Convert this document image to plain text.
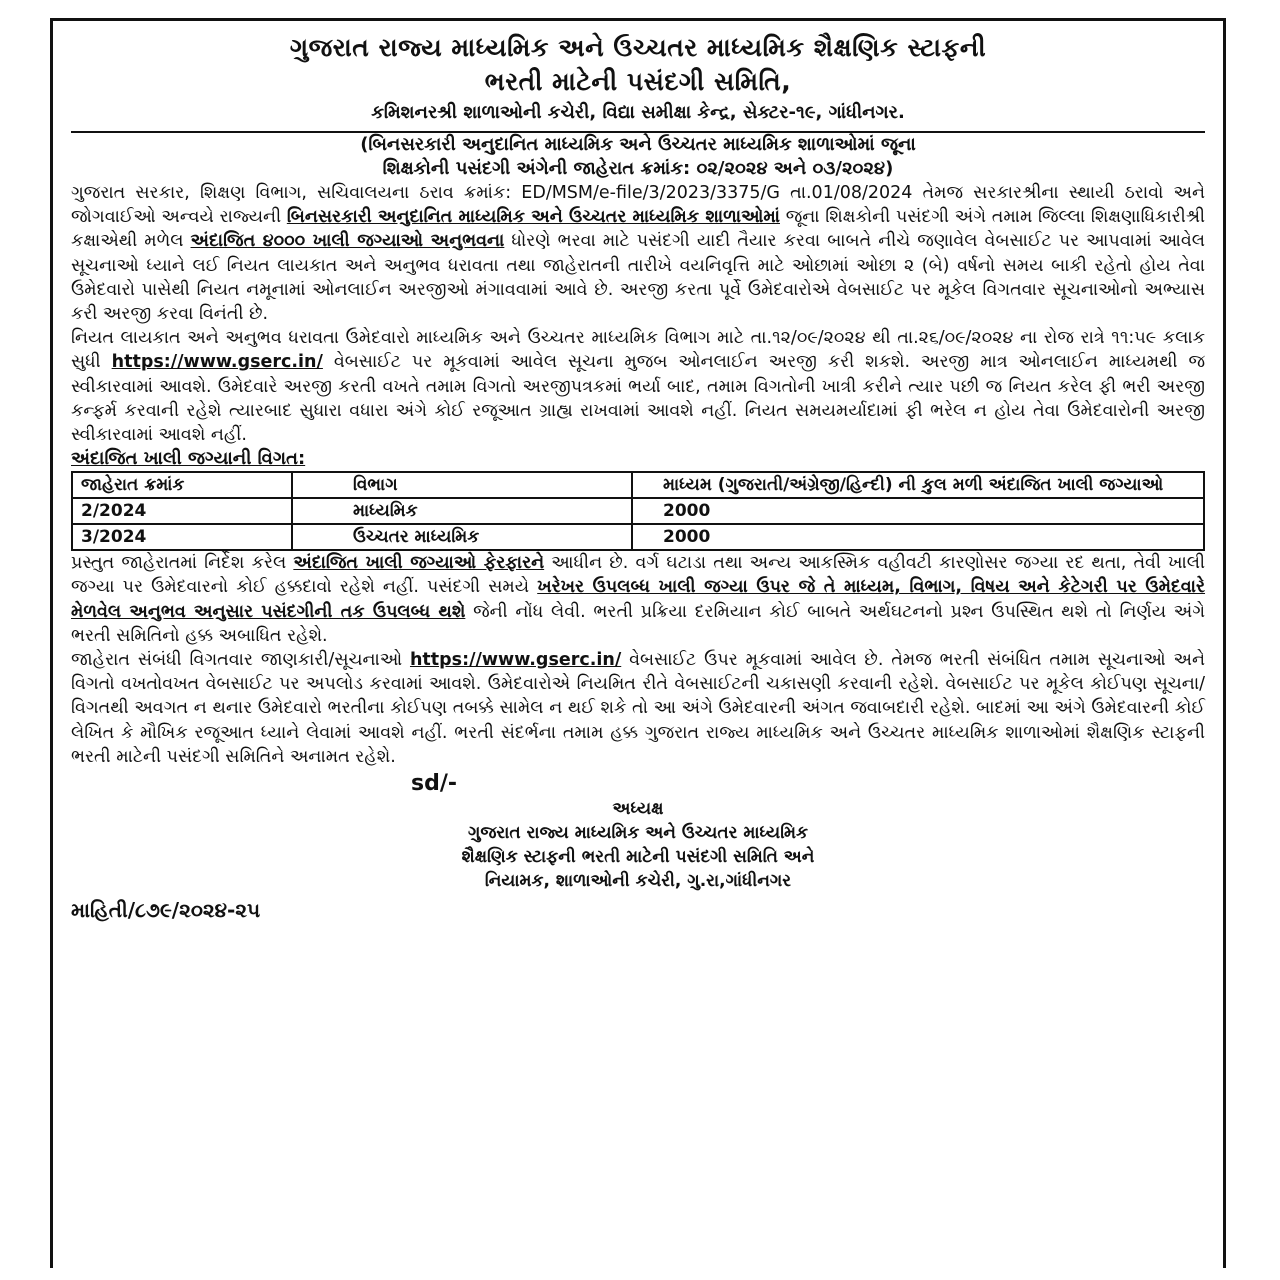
ગુજરાત રાજ્ય માધ્યમિક અને ઉચ્ચતર માધ્યમિક શૈક્ષણિક સ્ટાફની
ભરતી માટેની પસંદગી સમિતિ,
કમિશનરશ્રી શાળાઓની કચેરી, વિદ્યા સમીક્ષા કેન્દ્ર, સેક્ટર-૧૯, ગાંધીનગર.
(બિનસરકારી અનુદાનિત માધ્યમિક અને ઉચ્ચતર માધ્યમિક શાળાઓમાં જૂના
શિક્ષકોની પસંદગી અંગેની જાહેરાત ક્રમાંક: ૦૨/૨૦૨૪ અને ૦૩/૨૦૨૪)

ગુજરાત સરકાર, શિક્ષણ વિભાગ, સચિવાલયના ઠરાવ ક્રમાંક: ED/MSM/e-file/3/2023/3375/G તા.01/08/2024 તેમજ સરકારશ્રીના સ્થાયી ઠરાવો અને જોગવાઈઓ અન્વયે રાજ્યની બિનસરકારી અનુદાનિત માધ્યમિક અને ઉચ્ચતર માધ્યમિક શાળાઓમાં જૂના શિક્ષકોની પસંદગી અંગે તમામ જિલ્લા શિક્ષણાધિકારીશ્રી કક્ષાએથી મળેલ અંદાજિત ૪૦૦૦ ખાલી જગ્યાઓ અનુભવના ધોરણે ભરવા માટે પસંદગી યાદી તૈયાર કરવા બાબતે નીચે જણાવેલ વેબસાઈટ પર આપવામાં આવેલ સૂચનાઓ ધ્યાને લઈ નિયત લાયકાત અને અનુભવ ધરાવતા તથા જાહેરાતની તારીખે વયનિવૃત્તિ માટે ઓછામાં ઓછા ૨ (બે) વર્ષનો સમય બાકી રહેતો હોય તેવા ઉમેદવારો પાસેથી નિયત નમૂનામાં ઓનલાઈન અરજીઓ મંગાવવામાં આવે છે. અરજી કરતા પૂર્વે ઉમેદવારોએ વેબસાઈટ પર મૂકેલ વિગતવાર સૂચનાઓનો અભ્યાસ કરી અરજી કરવા વિનંતી છે.

નિયત લાયકાત અને અનુભવ ધરાવતા ઉમેદવારો માધ્યમિક અને ઉચ્ચતર માધ્યમિક વિભાગ માટે તા.૧૨/૦૯/૨૦૨૪ થી તા.૨૬/૦૯/૨૦૨૪ ના રોજ રાત્રે ૧૧:૫૯ કલાક સુધી https://www.gserc.in/ વેબસાઈટ પર મૂકવામાં આવેલ સૂચના મુજબ ઓનલાઈન અરજી કરી શકશે. અરજી માત્ર ઓનલાઈન માધ્યમથી જ સ્વીકારવામાં આવશે. ઉમેદવારે અરજી કરતી વખતે તમામ વિગતો અરજીપત્રકમાં ભર્યા બાદ, તમામ વિગતોની ખાત્રી કરીને ત્યાર પછી જ નિયત કરેલ ફી ભરી અરજી કન્ફર્મ કરવાની રહેશે ત્યારબાદ સુધારા વધારા અંગે કોઈ રજૂઆત ગ્રાહ્ય રાખવામાં આવશે નહીં. નિયત સમયમર્યાદામાં ફી ભરેલ ન હોય તેવા ઉમેદવારોની અરજી સ્વીકારવામાં આવશે નહીં.

અંદાજિત ખાલી જગ્યાની વિગત:
જાહેરાત ક્રમાંક	વિભાગ	માધ્યમ (ગુજરાતી/અંગ્રેજી/હિન્દી) ની કુલ મળી અંદાજિત ખાલી જગ્યાઓ
2/2024	માધ્યમિક	2000
3/2024	ઉચ્ચતર માધ્યમિક	2000

પ્રસ્તુત જાહેરાતમાં નિર્દેશ કરેલ અંદાજિત ખાલી જગ્યાઓ ફેરફારને આધીન છે. વર્ગ ઘટાડા તથા અન્ય આકસ્મિક વહીવટી કારણોસર જગ્યા રદ થતા, તેવી ખાલી જગ્યા પર ઉમેદવારનો કોઈ હક્કદાવો રહેશે નહીં. પસંદગી સમયે ખરેખર ઉપલબ્ધ ખાલી જગ્યા ઉપર જે તે માધ્યમ, વિભાગ, વિષય અને કેટેગરી પર ઉમેદવારે મેળવેલ અનુભવ અનુસાર પસંદગીની તક ઉપલબ્ધ થશે જેની નોંધ લેવી. ભરતી પ્રક્રિયા દરમિયાન કોઈ બાબતે અર્થઘટનનો પ્રશ્ન ઉપસ્થિત થશે તો નિર્ણય અંગે ભરતી સમિતિનો હક્ક અબાધિત રહેશે.

જાહેરાત સંબંધી વિગતવાર જાણકારી/સૂચનાઓ https://www.gserc.in/ વેબસાઈટ ઉપર મૂકવામાં આવેલ છે. તેમજ ભરતી સંબંધિત તમામ સૂચનાઓ અને વિગતો વખતોવખત વેબસાઈટ પર અપલોડ કરવામાં આવશે. ઉમેદવારોએ નિયમિત રીતે વેબસાઈટની ચકાસણી કરવાની રહેશે. વેબસાઈટ પર મૂકેલ કોઈપણ સૂચના/વિગતથી અવગત ન થનાર ઉમેદવારો ભરતીના કોઈપણ તબક્કે સામેલ ન થઈ શકે તો આ અંગે ઉમેદવારની અંગત જવાબદારી રહેશે. બાદમાં આ અંગે ઉમેદવારની કોઈ લેખિત કે મૌખિક રજૂઆત ધ્યાને લેવામાં આવશે નહીં. ભરતી સંદર્ભના તમામ હક્ક ગુજરાત રાજ્ય માધ્યમિક અને ઉચ્ચતર માધ્યમિક શાળાઓમાં શૈક્ષણિક સ્ટાફની ભરતી માટેની પસંદગી સમિતિને અનામત રહેશે.

sd/-
અધ્યક્ષ
ગુજરાત રાજ્ય માધ્યમિક અને ઉચ્ચતર માધ્યમિક
શૈક્ષણિક સ્ટાફની ભરતી માટેની પસંદગી સમિતિ અને
નિયામક, શાળાઓની કચેરી, ગુ.રા,ગાંધીનગર
માહિતી/૮૭૯/૨૦૨૪-૨૫
